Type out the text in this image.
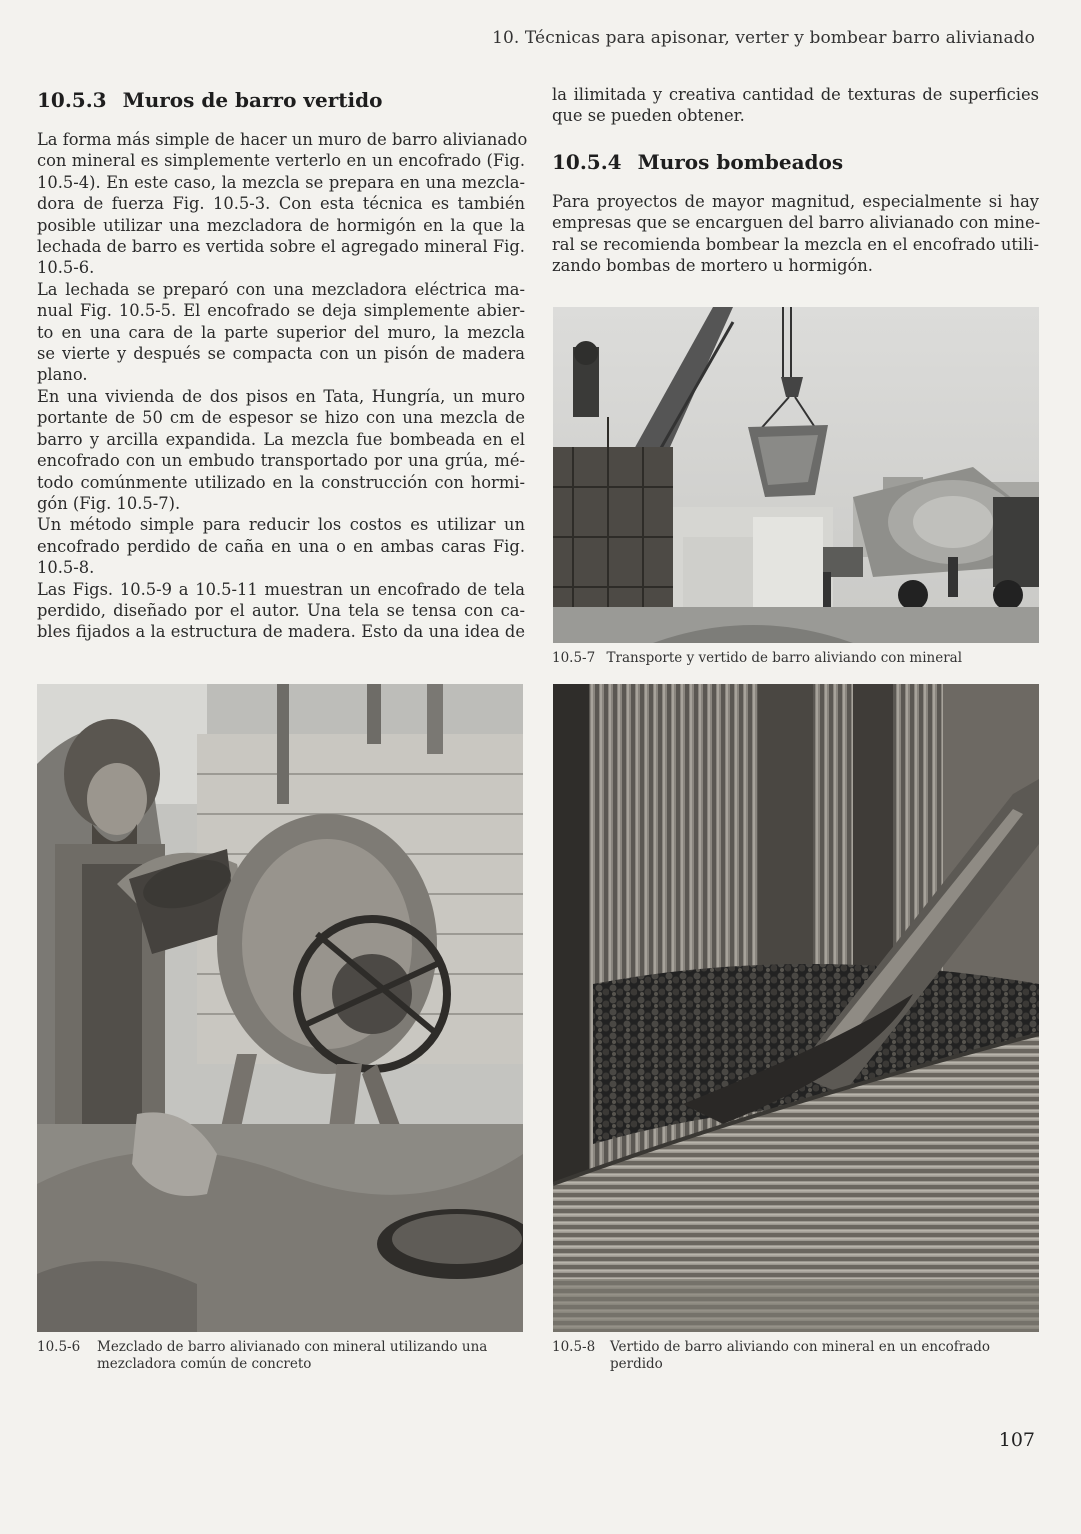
10. Técnicas para apisonar, verter y bombear barro alivianado
10.5.3 Muros de barro vertido

La forma más simple de hacer un muro de barro alivianado
con mineral es simplemente verterlo en un encofrado (Fig.
10.5-4). En este caso, la mezcla se prepara en una mezcla-
dora de fuerza Fig. 10.5-3. Con esta técnica es también
posible utilizar una mezcladora de hormigón en la que la
lechada de barro es vertida sobre el agregado mineral Fig.
10.5-6.
La lechada se preparó con una mezcladora eléctrica ma-
nual Fig. 10.5-5. El encofrado se deja simplemente abier-
to en una cara de la parte superior del muro, la mezcla
se vierte y después se compacta con un pisón de madera
plano.
En una vivienda de dos pisos en Tata, Hungría, un muro
portante de 50 cm de espesor se hizo con una mezcla de
barro y arcilla expandida. La mezcla fue bombeada en el
encofrado con un embudo transportado por una grúa, mé-
todo comúnmente utilizado en la construcción con hormi-
gón (Fig. 10.5-7).
Un método simple para reducir los costos es utilizar un
encofrado perdido de caña en una o en ambas caras Fig.
10.5-8.
Las Figs. 10.5-9 a 10.5-11 muestran un encofrado de tela
perdido, diseñado por el autor. Una tela se tensa con ca-
bles fijados a la estructura de madera. Esto da una idea de

la ilimitada y creativa cantidad de texturas de superficies
que se pueden obtener.

10.5.4 Muros bombeados

Para proyectos de mayor magnitud, especialmente si hay
empresas que se encarguen del barro alivianado con mine-
ral se recomienda bombear la mezcla en el encofrado utili-
zando bombas de mortero u hormigón.

10.5-7 Transporte y vertido de barro aliviando con mineral
10.5-6 Mezclado de barro alivianado con mineral utilizando una
mezcladora común de concreto
10.5-8 Vertido de barro aliviando con mineral en un encofrado
perdido
107
